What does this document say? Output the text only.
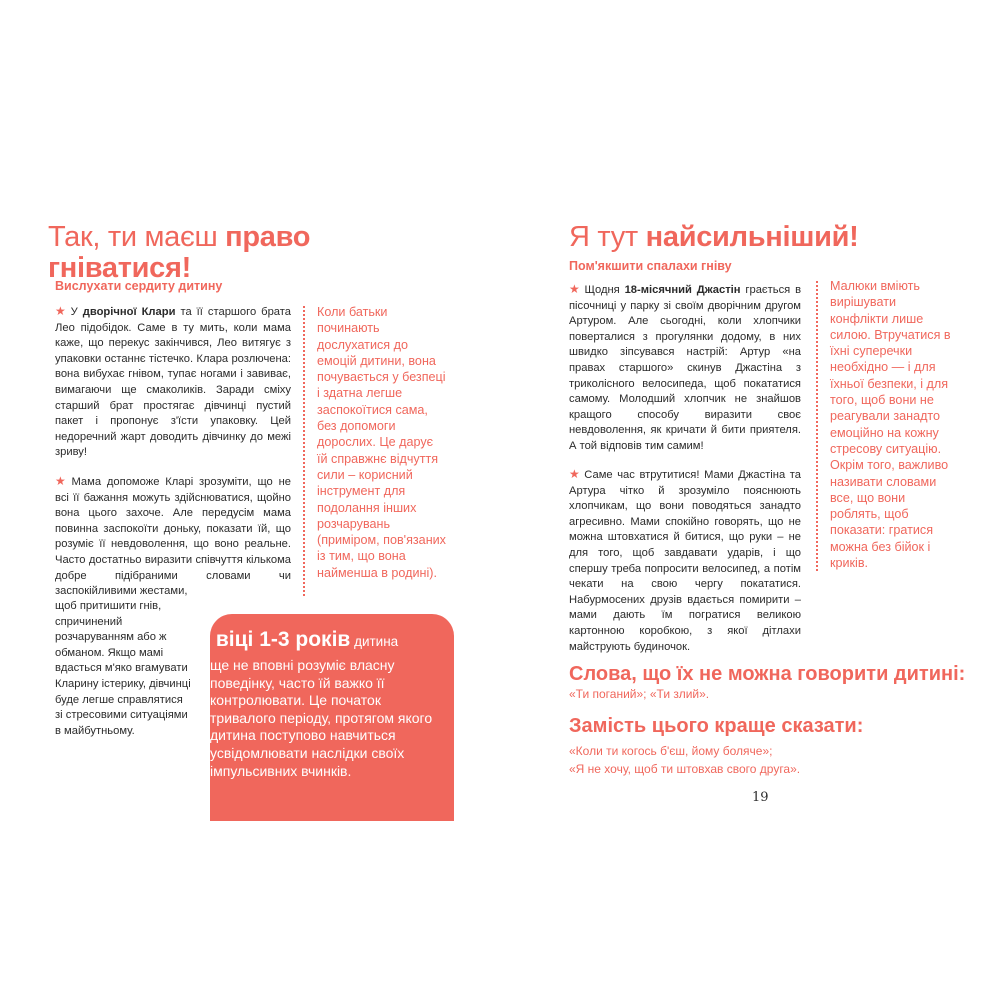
Так, ти маєш право
гніватися!
Вислухати сердиту дитину
★ У дворічної Клари та її старшого брата Лео підобідок. Саме в ту мить, коли мама каже, що перекус закінчився, Лео витягує з упаковки останнє тістечко. Клара розлючена: вона вибухає гнівом, тупає ногами і завиває, вимагаючи ще смаколиків. Заради сміху старший брат простягає дівчинці пустий пакет і пропонує з'їсти упаковку. Цей недоречний жарт доводить дівчинку до межі зриву!
★ Мама допоможе Кларі зрозуміти, що не всі її бажання можуть здійснюватися, щойно вона цього захоче. Але передусім мама повинна заспокоїти доньку, показати їй, що розуміє її невдоволення, що воно реальне. Часто достатньо виразити співчуття кількома добре підібраними словами чи заспокійливими жестами,
щоб притишити гнів, спричинений розчаруванням або ж обманом. Якщо мамі вдасться м'яко вгамувати Кларину істерику, дівчинці буде легше справлятися зі стресовими ситуаціями в майбутньому.
Коли батьки починають дослухатися до емоцій дитини, вона почувається у безпеці і здатна легше заспокоїтися сама, без допомоги дорослих. Це дарує їй справжнє відчуття сили – корисний інструмент для подолання інших розчарувань (приміром, пов'язаних із тим, що вона найменша в родині).
У віці 1-3 років дитина
ще не вповні розуміє власну поведінку, часто їй важко її контролювати. Це початок тривалого періоду, протягом якого дитина поступово навчиться усвідомлювати наслідки своїх імпульсивних вчинків.
Я тут найсильніший!
Пом'якшити спалахи гніву
★ Щодня 18-місячний Джастін грається в пісочниці у парку зі своїм дворічним другом Артуром. Але сьогодні, коли хлопчики поверталися з прогулянки додому, в них швидко зіпсувався настрій: Артур «на правах старшого» скинув Джастіна з триколісного велосипеда, щоб покататися самому. Молодший хлопчик не знайшов кращого способу виразити своє невдоволення, як кричати й бити приятеля. А той відповів тим самим!
★ Саме час втрутитися! Мами Джастіна та Артура чітко й зрозуміло пояснюють хлопчикам, що вони поводяться занадто агресивно. Мами спокійно говорять, що не можна штовхатися й битися, що руки – не для того, щоб завдавати ударів, і що спершу треба попросити велосипед, а потім чекати на свою чергу покататися. Набурмосених друзів вдається помирити – мами дають їм погратися великою картонною коробкою, з якої дітлахи майструють будиночок.
Малюки вміють вирішувати конфлікти лише силою. Втручатися в їхні суперечки необхідно — і для їхньої безпеки, і для того, щоб вони не реагували занадто емоційно на кожну стресову ситуацію. Окрім того, важливо називати словами все, що вони роблять, щоб показати: гратися можна без бійок і криків.
Слова, що їх не можна говорити дитині: «Ти поганий»; «Ти злий».
Замість цього краще сказати:
«Коли ти когось б'єш, йому боляче»;
«Я не хочу, щоб ти штовхав свого друга».
19
